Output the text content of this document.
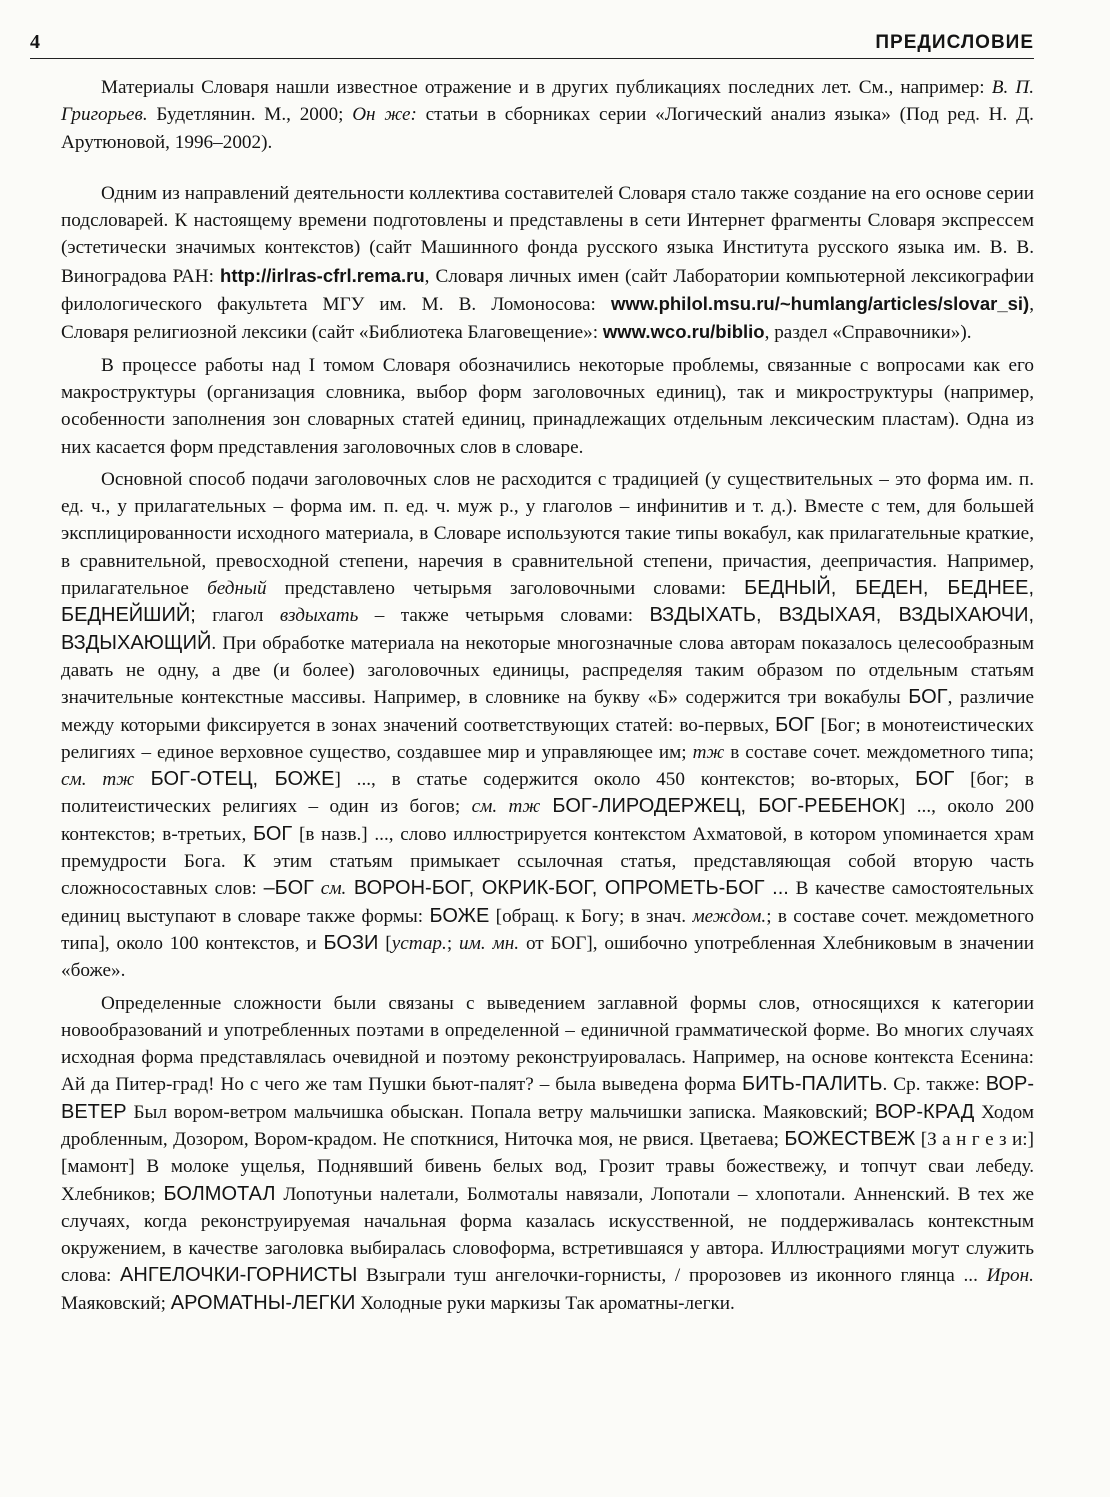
4	ПРЕДИСЛОВИЕ

Материалы Словаря нашли известное отражение и в других публикациях последних лет. См., например: В. П. Григорьев. Будетлянин. М., 2000; Он же: статьи в сборниках серии «Логический анализ языка» (Под ред. Н. Д. Арутюновой, 1996–2002).

Одним из направлений деятельности коллектива составителей Словаря стало также создание на его основе серии подсловарей. К настоящему времени подготовлены и представлены в сети Интернет фрагменты Словаря экспрессем (эстетически значимых контекстов) (сайт Машинного фонда русского языка Института русского языка им. В. В. Виноградова РАН: http://irlras-cfrl.rema.ru, Словаря личных имен (сайт Лаборатории компьютерной лексикографии филологического факультета МГУ им. М. В. Ломоносова: www.philol.msu.ru/~humlang/articles/slovar_si), Словаря религиозной лексики (сайт «Библиотека Благовещение»: www.wco.ru/biblio, раздел «Справочники»).

В процессе работы над I томом Словаря обозначились некоторые проблемы, связанные с вопросами как его макроструктуры (организация словника, выбор форм заголовочных единиц), так и микроструктуры (например, особенности заполнения зон словарных статей единиц, принадлежащих отдельным лексическим пластам). Одна из них касается форм представления заголовочных слов в словаре.

Основной способ подачи заголовочных слов не расходится с традицией (у существительных – это форма им. п. ед. ч., у прилагательных – форма им. п. ед. ч. муж р., у глаголов – инфинитив и т. д.). Вместе с тем, для большей эксплицированности исходного материала, в Словаре используются такие типы вокабул, как прилагательные краткие, в сравнительной, превосходной степени, наречия в сравнительной степени, причастия, деепричастия. Например, прилагательное бедный представлено четырьмя заголовочными словами: БЕДНЫЙ, БЕДЕН, БЕДНЕЕ, БЕДНЕЙШИЙ; глагол вздыхать – также четырьмя словами: ВЗДЫХАТЬ, ВЗДЫХАЯ, ВЗДЫХАЮЧИ, ВЗДЫХАЮЩИЙ. При обработке материала на некоторые многозначные слова авторам показалось целесообразным давать не одну, а две (и более) заголовочных единицы, распределяя таким образом по отдельным статьям значительные контекстные массивы. Например, в словнике на букву «Б» содержится три вокабулы БОГ, различие между которыми фиксируется в зонах значений соответствующих статей: во-первых, БОГ [Бог; в монотеистических религиях – единое верховное существо, создавшее мир и управляющее им; тж в составе сочет. междометного типа; см. тж БОГ-ОТЕЦ, БОЖЕ] ..., в статье содержится около 450 контекстов; во-вторых, БОГ [бог; в политеистических религиях – один из богов; см. тж БОГ-ЛИРОДЕРЖЕЦ, БОГ-РЕБЕНОК] ..., около 200 контекстов; в-третьих, БОГ [в назв.] ..., слово иллюстрируется контекстом Ахматовой, в котором упоминается храм премудрости Бога. К этим статьям примыкает ссылочная статья, представляющая собой вторую часть сложносоставных слов: –БОГ см. ВОРОН-БОГ, ОКРИК-БОГ, ОПРОМЕТЬ-БОГ ... В качестве самостоятельных единиц выступают в словаре также формы: БОЖЕ [обращ. к Богу; в знач. междом.; в составе сочет. междометного типа], около 100 контекстов, и БОЗИ [устар.; им. мн. от БОГ], ошибочно употребленная Хлебниковым в значении «боже».

Определенные сложности были связаны с выведением заглавной формы слов, относящихся к категории новообразований и употребленных поэтами в определенной – единичной грамматической форме. Во многих случаях исходная форма представлялась очевидной и поэтому реконструировалась. Например, на основе контекста Есенина: Ай да Питер-град! Но с чего же там Пушки бьют-палят? – была выведена форма БИТЬ-ПАЛИТЬ. Ср. также: ВОР-ВЕТЕР Был вором-ветром мальчишка обыскан. Попала ветру мальчишки записка. Маяковский; ВОР-КРАД Ходом дробленным, Дозором, Вором-крадом. Не споткнися, Ниточка моя, не рвися. Цветаева; БОЖЕСТВЕЖ [З а н г е з и:] [мамонт] В молоке ущелья, Поднявший бивень белых вод, Грозит травы божествежу, и топчут сваи лебеду. Хлебников; БОЛМОТАЛ Лопотуньи налетали, Болмоталы навязали, Лопотали – хлопотали. Анненский. В тех же случаях, когда реконструируемая начальная форма казалась искусственной, не поддерживалась контекстным окружением, в качестве заголовка выбиралась словоформа, встретившаяся у автора. Иллюстрациями могут служить слова: АНГЕЛОЧКИ-ГОРНИСТЫ Взыграли туш ангелочки-горнисты, / пророзовев из иконного глянца ... Ирон. Маяковский; АРОМАТНЫ-ЛЕГКИ Холодные руки маркизы Так ароматны-легки.
